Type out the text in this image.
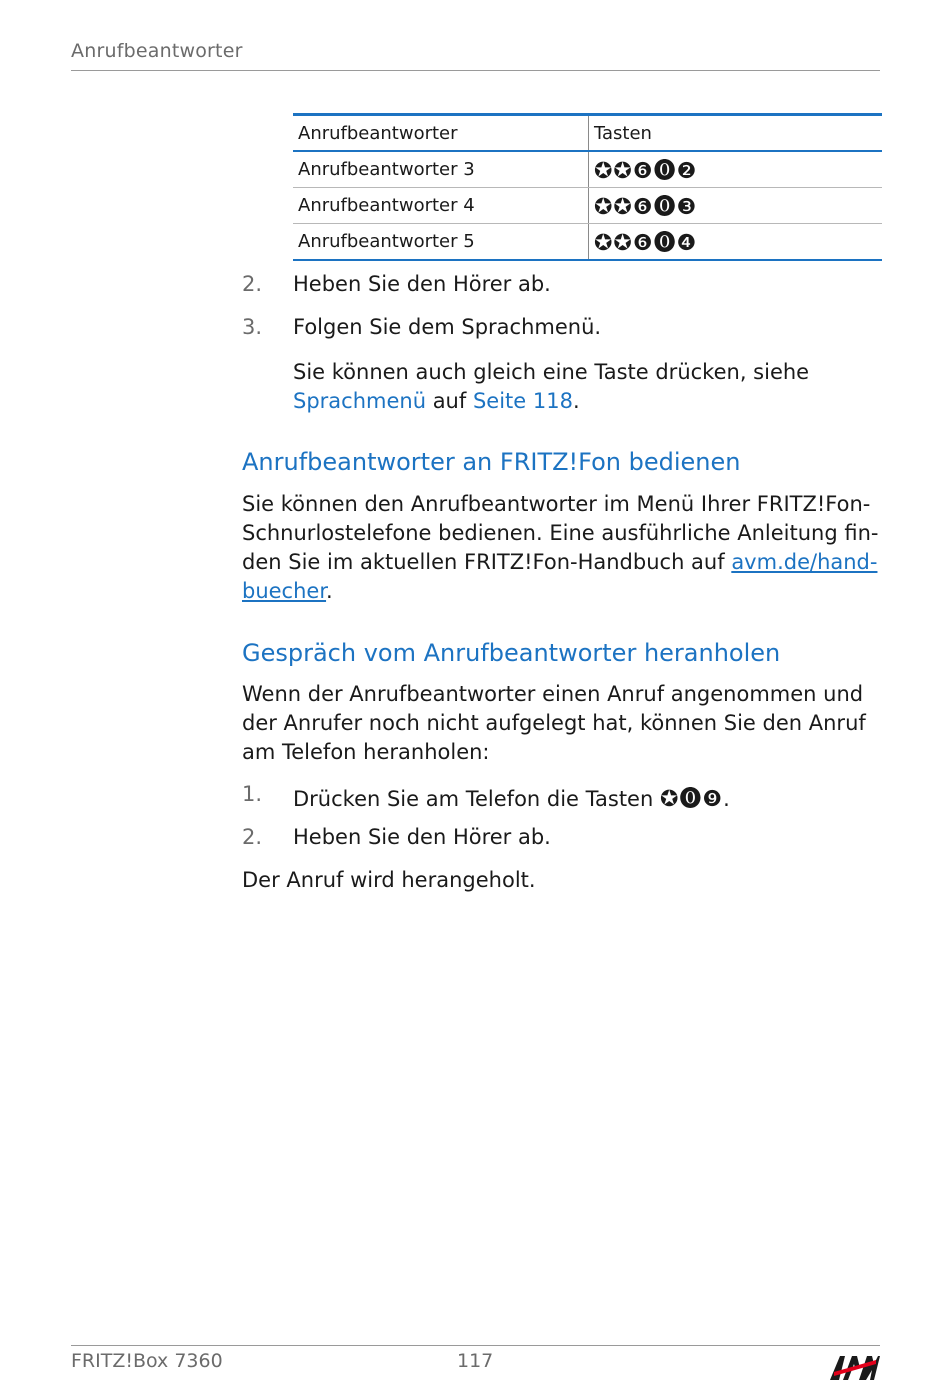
Anrufbeantworter
Anrufbeantworter	Tasten
Anrufbeantworter 3	✪✪❻⓿❷
Anrufbeantworter 4	✪✪❻⓿❸
Anrufbeantworter 5	✪✪❻⓿❹
2. Heben Sie den Hörer ab.
3. Folgen Sie dem Sprachmenü.
Sie können auch gleich eine Taste drücken, siehe
Sprachmenü auf Seite 118.
Anrufbeantworter an FRITZ!Fon bedienen
Sie können den Anrufbeantworter im Menü Ihrer FRITZ!Fon-
Schnurlostelefone bedienen. Eine ausführliche Anleitung fin-
den Sie im aktuellen FRITZ!Fon-Handbuch auf avm.de/hand-
buecher.
Gespräch vom Anrufbeantworter heranholen
Wenn der Anrufbeantworter einen Anruf angenommen und
der Anrufer noch nicht aufgelegt hat, können Sie den Anruf
am Telefon heranholen:
1. Drücken Sie am Telefon die Tasten ✪⓿❾.
2. Heben Sie den Hörer ab.
Der Anruf wird herangeholt.
FRITZ!Box 7360	117
